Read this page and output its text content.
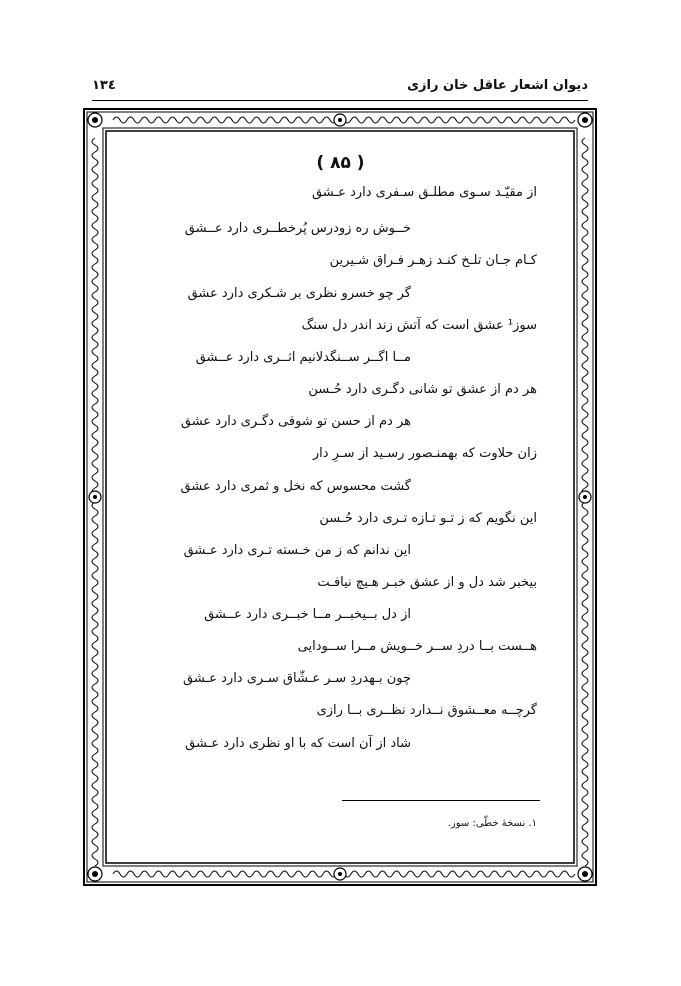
دیوان اشعار عاقل خان رازی
۱۳٤
( ۸۵ )
از مقیّـد سـوی مطلـق سـفری دارد عـشق
خــوش ره زودرس پُرخطــری دارد عــشق
کـام جـان تلـخ کنـد زهـر فـراق شـیرین
گر چو خسرو نظری بر شـکری دارد عشق
سوز¹ عشق است که آتش زند اندر دل سنگ
مــا اگــر ســنگدلانیم اثــری دارد عــشق
هر دم از عشق تو شانی دگـری دارد حُـسن
هر دم از حسن تو شوقی دگـری دارد عشق
زان حلاوت که بهمنـصور رسـید از سـرِ دار
گشت محسوس که نخل و ثمری دارد عشق
این نگویم که ز تـو تـازه تـری دارد حُـسن
این ندانم که ز من خـسته تـری دارد عـشق
بیخبر شد دل و از عشق خبـر هـیچ نیافـت
از دل بــیخبــر مــا خبــری دارد عــشق
هــست بــا دردِ ســر خــویش مــرا ســودایی
چون بـهدردِ سـر عـشّاق سـری دارد عـشق
گرچــه معــشوق نــدارد نظــری بــا رازی
شاد از آن است که با او نظری دارد عـشق
۱. نسخهٔ خطّی: سور.
